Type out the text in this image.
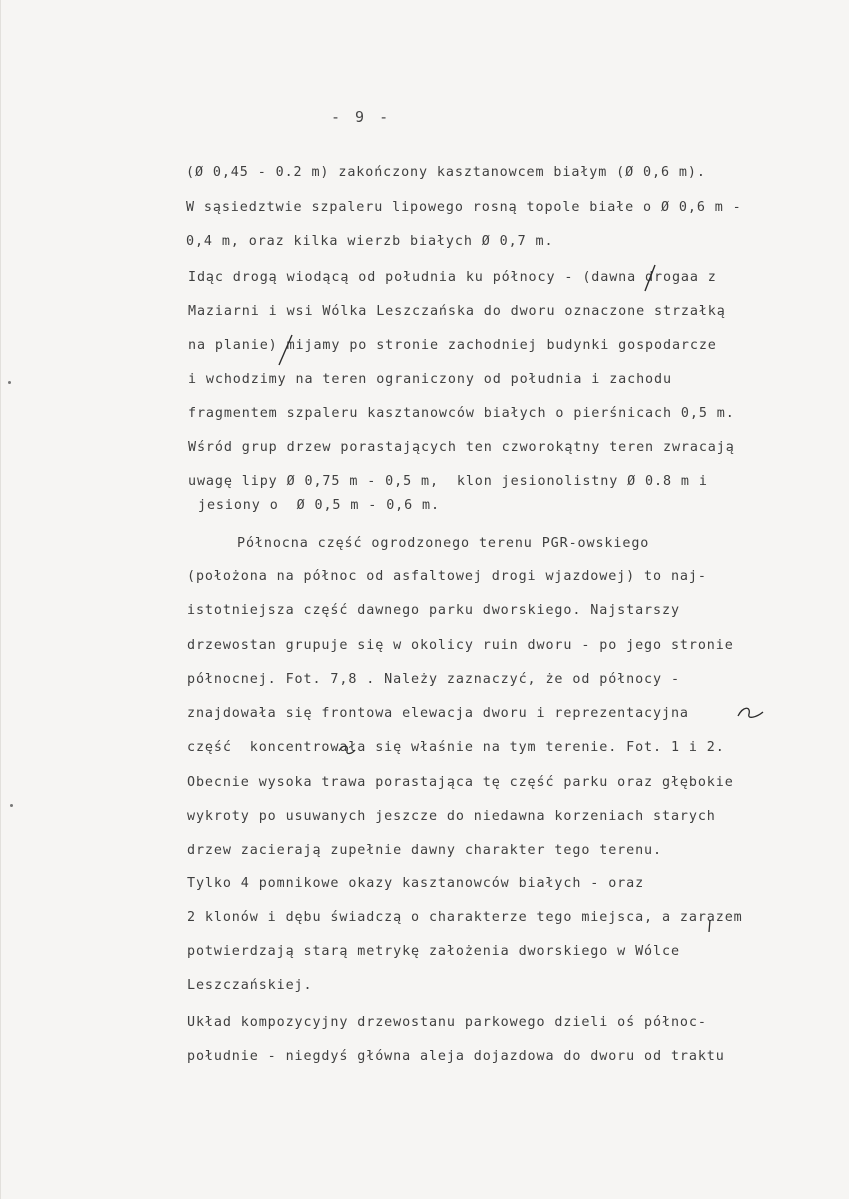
- 9 -
(Ø 0,45 - 0.2 m) zakończony kasztanowcem białym (Ø 0,6 m).
W sąsiedztwie szpaleru lipowego rosną topole białe o Ø 0,6 m -
0,4 m, oraz kilka wierzb białych Ø 0,7 m.
Idąc drogą wiodącą od południa ku północy - (dawna drogaa z
Maziarni i wsi Wólka Leszczańska do dworu oznaczone strzałką
na planie) mijamy po stronie zachodniej budynki gospodarcze
i wchodzimy na teren ograniczony od południa i zachodu
fragmentem szpaleru kasztanowców białych o pierśnicach 0,5 m.
Wśród grup drzew porastających ten czworokątny teren zwracają
uwagę lipy Ø 0,75 m - 0,5 m,  klon jesionolistny Ø 0.8 m i
jesiony o  Ø 0,5 m - 0,6 m.
Północna część ogrodzonego terenu PGR-owskiego
(położona na północ od asfaltowej drogi wjazdowej) to naj-
istotniejsza część dawnego parku dworskiego. Najstarszy
drzewostan grupuje się w okolicy ruin dworu - po jego stronie
północnej. Fot. 7,8 . Należy zaznaczyć, że od północy -
znajdowała się frontowa elewacja dworu i reprezentacyjna
część  koncentrowała się właśnie na tym terenie. Fot. 1 i 2.
Obecnie wysoka trawa porastająca tę część parku oraz głębokie
wykroty po usuwanych jeszcze do niedawna korzeniach starych
drzew zacierają zupełnie dawny charakter tego terenu.
Tylko 4 pomnikowe okazy kasztanowców białych - oraz
2 klonów i dębu świadczą o charakterze tego miejsca, a zarazem
potwierdzają starą metrykę założenia dworskiego w Wólce
Leszczańskiej.
Układ kompozycyjny drzewostanu parkowego dzieli oś północ-
południe - niegdyś główna aleja dojazdowa do dworu od traktu
